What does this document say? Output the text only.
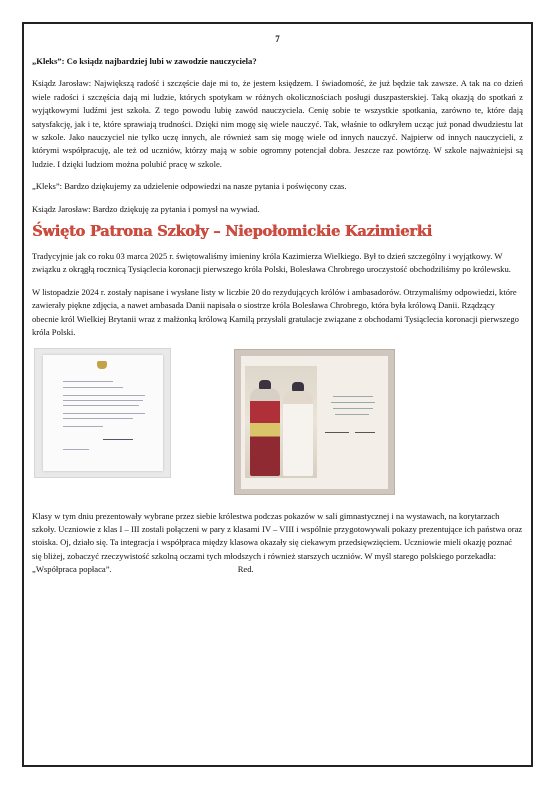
7

„Kleks”: Co ksiądz najbardziej lubi w zawodzie nauczyciela?

Ksiądz Jarosław: Największą radość i szczęście daje mi to, że jestem księdzem. I świadomość, że już będzie tak zawsze. A tak na co dzień wiele radości i szczęścia dają mi ludzie, których spotykam w różnych okolicznościach posługi duszpasterskiej. Taką okazją do spotkań z wyjątkowymi ludźmi jest szkoła. Z tego powodu lubię zawód nauczyciela. Cenię sobie te wszystkie spotkania, zarówno te, które dają satysfakcję, jak i te, które sprawiają trudności. Dzięki nim mogę się wiele nauczyć. Tak, właśnie to odkryłem ucząc już ponad dwudziestu lat w szkole. Jako nauczyciel nie tylko uczę innych, ale również sam się mogę wiele od innych nauczyć. Najpierw od innych nauczycieli, z którymi współpracuję, ale też od uczniów, którzy mają w sobie ogromny potencjał dobra. Jeszcze raz powtórzę. W szkole najważniejsi są ludzie. I dzięki ludziom można polubić pracę w szkole.

„Kleks”: Bardzo dziękujemy za udzielenie odpowiedzi na nasze pytania i poświęcony czas.

Ksiądz Jarosław: Bardzo dziękuję za pytania i pomysł na wywiad.

Święto Patrona Szkoły – Niepołomickie Kazimierki

Tradycyjnie jak co roku 03 marca 2025 r. świętowaliśmy imieniny króla Kazimierza Wielkiego. Był to dzień szczególny i wyjątkowy. W związku z okrągłą rocznicą Tysiąclecia koronacji pierwszego króla Polski, Bolesława Chrobrego uroczystość obchodziliśmy po królewsku.

W listopadzie 2024 r. zostały napisane i wysłane listy w liczbie 20 do rezydujących królów i ambasadorów. Otrzymaliśmy odpowiedzi, które zawierały piękne zdjęcia, a nawet ambasada Danii napisała o siostrze króla Bolesława Chrobrego, która była królową Danii. Rządzący obecnie król Wielkiej Brytanii wraz z małżonką królową Kamilą przysłali gratulacje związane z obchodami Tysiąclecia koronacji pierwszego króla Polski.

Klasy w tym dniu prezentowały wybrane przez siebie królestwa podczas pokazów w sali gimnastycznej i na wystawach, na korytarzach szkoły. Uczniowie z klas I – III zostali połączeni w pary z klasami IV – VIII i wspólnie przygotowywali pokazy prezentujące ich państwa oraz stoiska. Oj, działo się. Ta integracja i współpraca między klasowa okazały się ciekawym przedsięwzięciem. Uczniowie mieli okazję poznać się bliżej, zobaczyć rzeczywistość szkolną oczami tych młodszych i również starszych uczniów. W myśl starego polskiego porzekadła: „Współpraca popłaca”.	Red.
